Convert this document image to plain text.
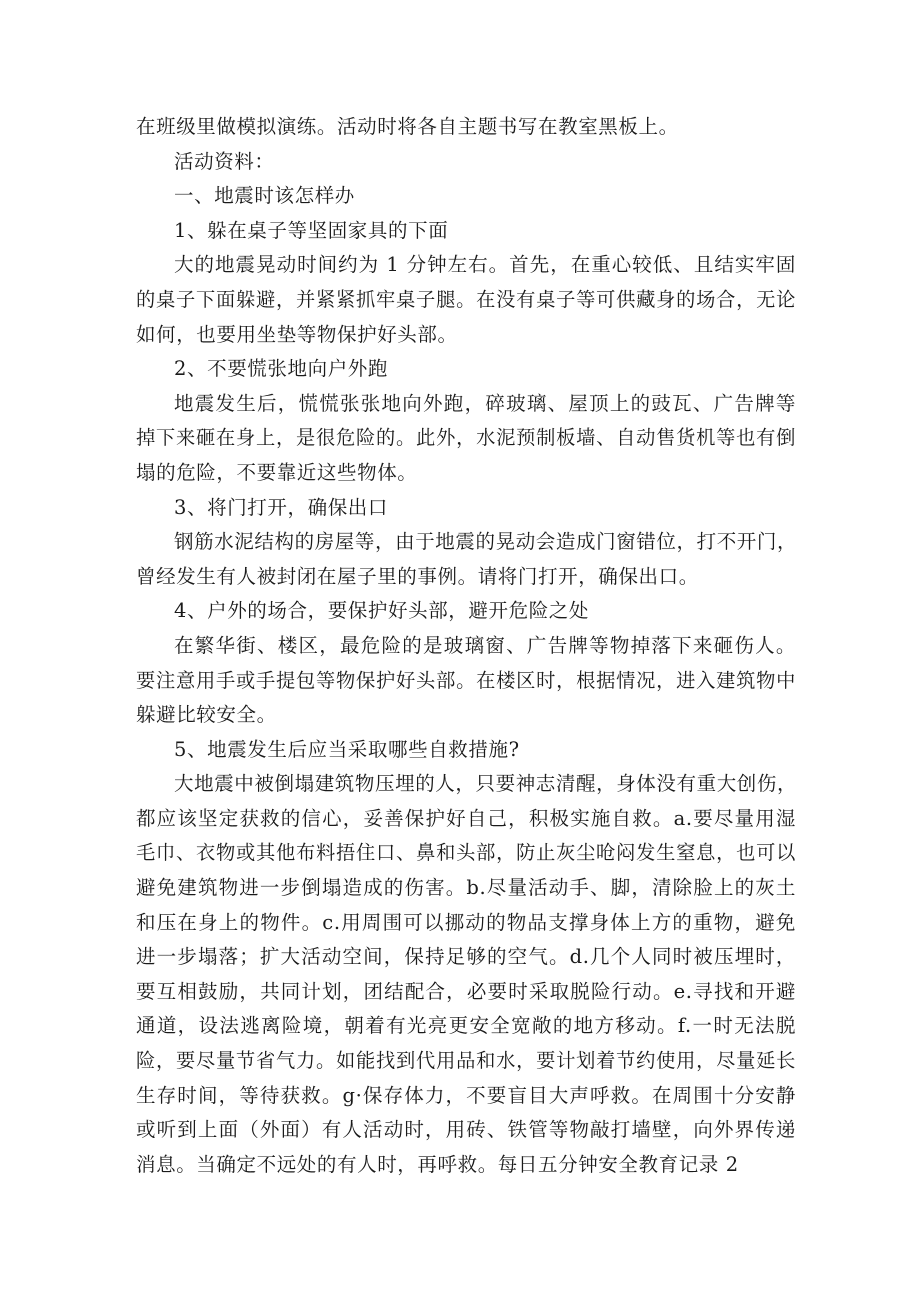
在班级里做模拟演练。活动时将各自主题书写在教室黑板上。
活动资料：
一、地震时该怎样办
1、躲在桌子等坚固家具的下面
大的地震晃动时间约为 1 分钟左右。首先，在重心较低、且结实牢固
的桌子下面躲避，并紧紧抓牢桌子腿。在没有桌子等可供藏身的场合，无论
如何，也要用坐垫等物保护好头部。
2、不要慌张地向户外跑
地震发生后，慌慌张张地向外跑，碎玻璃、屋顶上的豉瓦、广告牌等
掉下来砸在身上，是很危险的。此外，水泥预制板墙、自动售货机等也有倒
塌的危险，不要靠近这些物体。
3、将门打开，确保出口
钢筋水泥结构的房屋等，由于地震的晃动会造成门窗错位，打不开门，
曾经发生有人被封闭在屋子里的事例。请将门打开，确保出口。
4、户外的场合，要保护好头部，避开危险之处
在繁华街、楼区，最危险的是玻璃窗、广告牌等物掉落下来砸伤人。
要注意用手或手提包等物保护好头部。在楼区时，根据情况，进入建筑物中
躲避比较安全。
5、地震发生后应当采取哪些自救措施?
大地震中被倒塌建筑物压埋的人，只要神志清醒，身体没有重大创伤，
都应该坚定获救的信心，妥善保护好自己，积极实施自救。a.要尽量用湿
毛巾、衣物或其他布料捂住口、鼻和头部，防止灰尘呛闷发生窒息，也可以
避免建筑物进一步倒塌造成的伤害。b.尽量活动手、脚，清除脸上的灰土
和压在身上的物件。c.用周围可以挪动的物品支撑身体上方的重物，避免
进一步塌落；扩大活动空间，保持足够的空气。d.几个人同时被压埋时，
要互相鼓励，共同计划，团结配合，必要时采取脱险行动。e.寻找和开避
通道，设法逃离险境，朝着有光亮更安全宽敞的地方移动。f.一时无法脱
险，要尽量节省气力。如能找到代用品和水，要计划着节约使用，尽量延长
生存时间，等待获救。g·保存体力，不要盲目大声呼救。在周围十分安静
或听到上面（外面）有人活动时，用砖、铁管等物敲打墙壁，向外界传递
消息。当确定不远处的有人时，再呼救。每日五分钟安全教育记录 2
